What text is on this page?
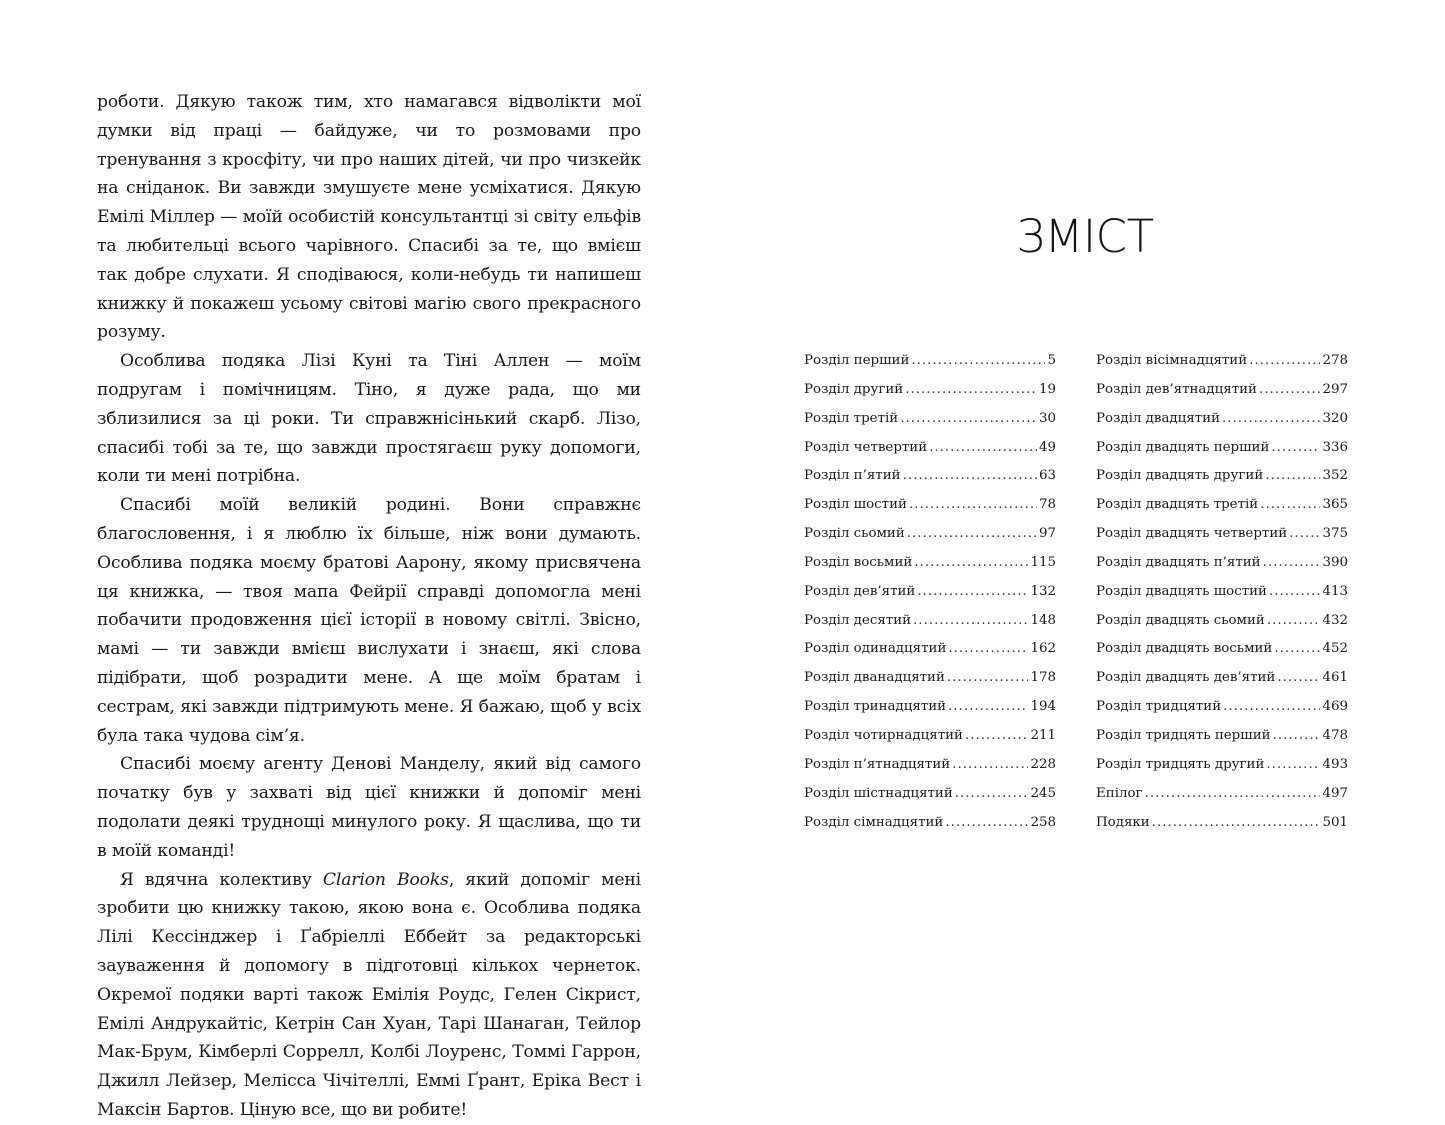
роботи. Дякую також тим, хто намагався відволікти мої думки від праці — байдуже, чи то розмовами про тренування з кросфіту, чи про наших дітей, чи про чизкейк на сніданок. Ви завжди змушуєте мене усміхатися. Дякую Емілі Міллер — моїй особистій консультантці зі світу ельфів та любительці всього чарівного. Спасибі за те, що вмієш так добре слухати. Я сподіваюся, коли-небудь ти напишеш книжку й покажеш усьому світові магію свого прекрасного розуму.

Особлива подяка Лізі Куні та Тіні Аллен — моїм подругам і помічницям. Тіно, я дуже рада, що ми зблизилися за ці роки. Ти справжнісінький скарб. Лізо, спасибі тобі за те, що завжди простягаєш руку допомоги, коли ти мені потрібна.

Спасибі моїй великій родині. Вони справжнє благословення, і я люблю їх більше, ніж вони думають. Особлива подяка моєму братові Аарону, якому присвячена ця книжка, — твоя мапа Фейрії справді допомогла мені побачити продовження цієї історії в новому світлі. Звісно, мамі — ти завжди вмієш вислухати і знаєш, які слова підібрати, щоб розрадити мене. А ще моїм братам і сестрам, які завжди підтримують мене. Я бажаю, щоб у всіх була така чудова сім’я.

Спасибі моєму агенту Денові Манделу, який від самого початку був у захваті від цієї книжки й допоміг мені подолати деякі труднощі минулого року. Я щаслива, що ти в моїй команді!

Я вдячна колективу Clarion Books, який допоміг мені зробити цю книжку такою, якою вона є. Особлива подяка Лілі Кессінджер і Ґабріеллі Еббейт за редакторські зауваження й допомогу в підготовці кількох чернеток. Окремої подяки варті також Емілія Роудс, Гелен Сікрист, Емілі Андрукайтіс, Кетрін Сан Хуан, Тарі Шанаган, Тейлор Мак-Брум, Кімберлі Соррелл, Колбі Лоуренс, Томмі Гаррон, Джилл Лейзер, Мелісса Чічітеллі, Еммі Ґрант, Еріка Вест і Максін Бартов. Ціную все, що ви робите!

ЗМІСТ
Розділ перший .....	5
Розділ другий .....	19
Розділ третій .....	30
Розділ четвертий .....	49
Розділ п’ятий .....	63
Розділ шостий .....	78
Розділ сьомий .....	97
Розділ восьмий .....	115
Розділ дев’ятий .....	132
Розділ десятий .....	148
Розділ одинадцятий .....	162
Розділ дванадцятий .....	178
Розділ тринадцятий .....	194
Розділ чотирнадцятий .....	211
Розділ п’ятнадцятий .....	228
Розділ шістнадцятий .....	245
Розділ сімнадцятий .....	258
Розділ вісімнадцятий .....	278
Розділ дев’ятнадцятий .....	297
Розділ двадцятий .....	320
Розділ двадцять перший .....	336
Розділ двадцять другий .....	352
Розділ двадцять третій .....	365
Розділ двадцять четвертий .....	375
Розділ двадцять п’ятий .....	390
Розділ двадцять шостий .....	413
Розділ двадцять сьомий .....	432
Розділ двадцять восьмий .....	452
Розділ двадцять дев’ятий .....	461
Розділ тридцятий .....	469
Розділ тридцять перший .....	478
Розділ тридцять другий .....	493
Епілог .....	497
Подяки .....	501
